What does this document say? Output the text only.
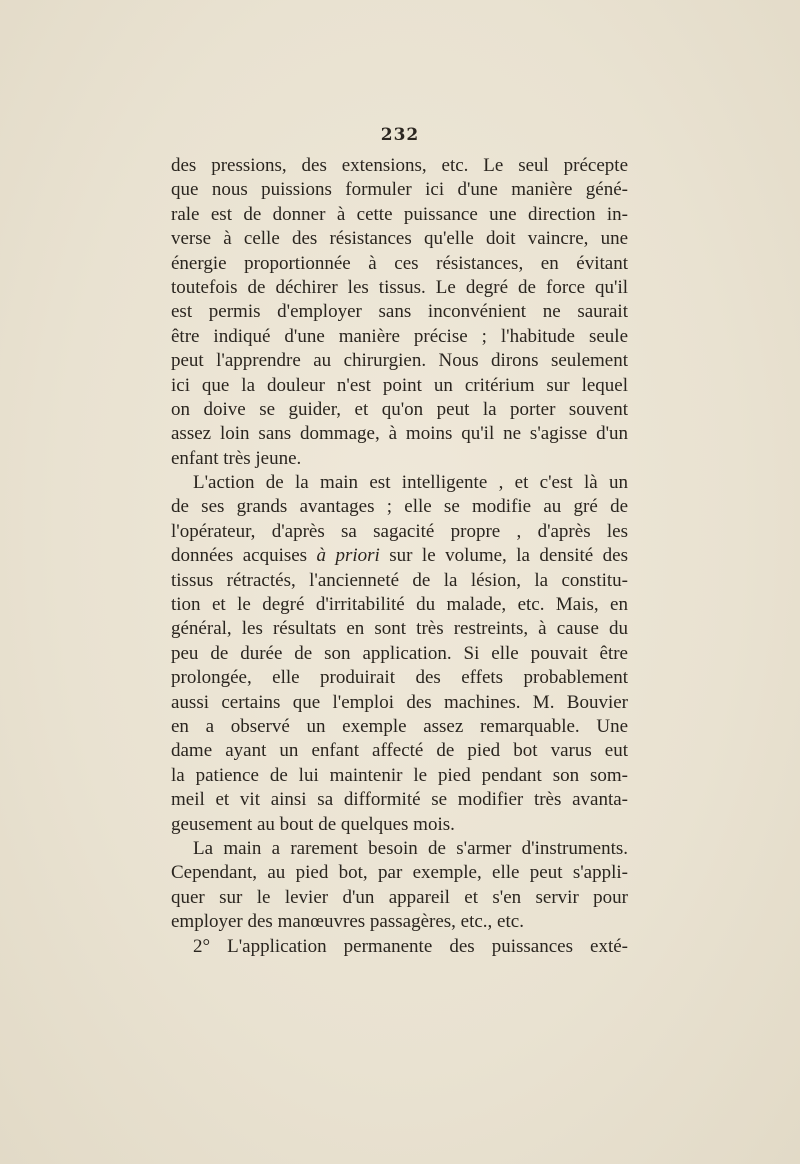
232
des pressions, des extensions, etc. Le seul précepte
que nous puissions formuler ici d'une manière géné-
rale est de donner à cette puissance une direction in-
verse à celle des résistances qu'elle doit vaincre, une
énergie proportionnée à ces résistances, en évitant
toutefois de déchirer les tissus. Le degré de force qu'il
est permis d'employer sans inconvénient ne saurait
être indiqué d'une manière précise ; l'habitude seule
peut l'apprendre au chirurgien. Nous dirons seulement
ici que la douleur n'est point un critérium sur lequel
on doive se guider, et qu'on peut la porter souvent
assez loin sans dommage, à moins qu'il ne s'agisse d'un
enfant très jeune.
L'action de la main est intelligente , et c'est là un
de ses grands avantages ; elle se modifie au gré de
l'opérateur, d'après sa sagacité propre , d'après les
données acquises à priori sur le volume, la densité des
tissus rétractés, l'ancienneté de la lésion, la constitu-
tion et le degré d'irritabilité du malade, etc. Mais, en
général, les résultats en sont très restreints, à cause du
peu de durée de son application. Si elle pouvait être
prolongée, elle produirait des effets probablement
aussi certains que l'emploi des machines. M. Bouvier
en a observé un exemple assez remarquable. Une
dame ayant un enfant affecté de pied bot varus eut
la patience de lui maintenir le pied pendant son som-
meil et vit ainsi sa difformité se modifier très avanta-
geusement au bout de quelques mois.
La main a rarement besoin de s'armer d'instruments.
Cependant, au pied bot, par exemple, elle peut s'appli-
quer sur le levier d'un appareil et s'en servir pour
employer des manœuvres passagères, etc., etc.
2° L'application permanente des puissances exté-
